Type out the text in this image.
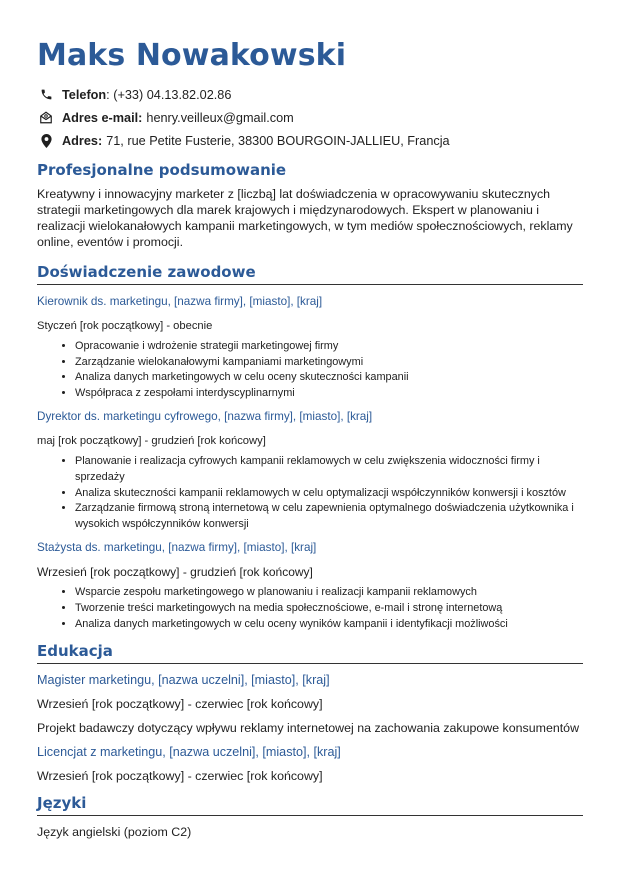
Maks Nowakowski
Telefon : (+33) 04.13.82.02.86
Adres e-mail: henry.veilleux@gmail.com
Adres: 71, rue Petite Fusterie, 38300 BOURGOIN-JALLIEU, Francja
Profesjonalne podsumowanie
Kreatywny i innowacyjny marketer z [liczbą] lat doświadczenia w opracowywaniu skutecznych strategii marketingowych dla marek krajowych i międzynarodowych. Ekspert w planowaniu i realizacji wielokanałowych kampanii marketingowych, w tym mediów społecznościowych, reklamy online, eventów i promocji.
Doświadczenie zawodowe
Kierownik ds. marketingu, [nazwa firmy], [miasto], [kraj]
Styczeń [rok początkowy] - obecnie
• Opracowanie i wdrożenie strategii marketingowej firmy
• Zarządzanie wielokanałowymi kampaniami marketingowymi
• Analiza danych marketingowych w celu oceny skuteczności kampanii
• Współpraca z zespołami interdyscyplinarnymi
Dyrektor ds. marketingu cyfrowego, [nazwa firmy], [miasto], [kraj]
maj [rok początkowy] - grudzień [rok końcowy]
• Planowanie i realizacja cyfrowych kampanii reklamowych w celu zwiększenia widoczności firmy i sprzedaży
• Analiza skuteczności kampanii reklamowych w celu optymalizacji współczynników konwersji i kosztów
• Zarządzanie firmową stroną internetową w celu zapewnienia optymalnego doświadczenia użytkownika i wysokich współczynników konwersji
Stażysta ds. marketingu, [nazwa firmy], [miasto], [kraj]
Wrzesień [rok początkowy] - grudzień [rok końcowy]
• Wsparcie zespołu marketingowego w planowaniu i realizacji kampanii reklamowych
• Tworzenie treści marketingowych na media społecznościowe, e-mail i stronę internetową
• Analiza danych marketingowych w celu oceny wyników kampanii i identyfikacji możliwości
Edukacja
Magister marketingu, [nazwa uczelni], [miasto], [kraj]
Wrzesień [rok początkowy] - czerwiec [rok końcowy]
Projekt badawczy dotyczący wpływu reklamy internetowej na zachowania zakupowe konsumentów
Licencjat z marketingu, [nazwa uczelni], [miasto], [kraj]
Wrzesień [rok początkowy] - czerwiec [rok końcowy]
Języki
Język angielski (poziom C2)
